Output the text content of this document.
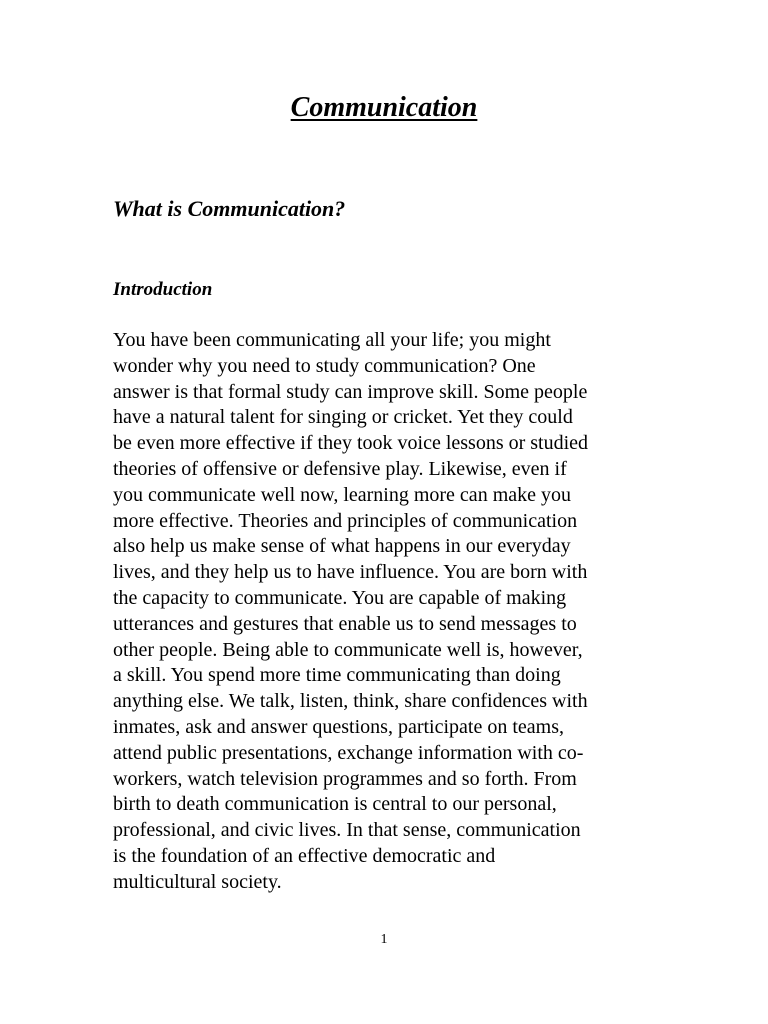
Communication
What is Communication?
Introduction
You have been communicating all your life; you might
wonder why you need to study communication? One
answer is that formal study can improve skill. Some people
have a natural talent for singing or cricket. Yet they could
be even more effective if they took voice lessons or studied
theories of offensive or defensive play. Likewise, even if
you communicate well now, learning more can make you
more effective. Theories and principles of communication
also help us make sense of what happens in our everyday
lives, and they help us to have influence. You are born with
the capacity to communicate. You are capable of making
utterances and gestures that enable us to send messages to
other people. Being able to communicate well is, however,
a skill. You spend more time communicating than doing
anything else. We talk, listen, think, share confidences with
inmates, ask and answer questions, participate on teams,
attend public presentations, exchange information with co-
workers, watch television programmes and so forth. From
birth to death communication is central to our personal,
professional, and civic lives. In that sense, communication
is the foundation of an effective democratic and
multicultural society.
1
